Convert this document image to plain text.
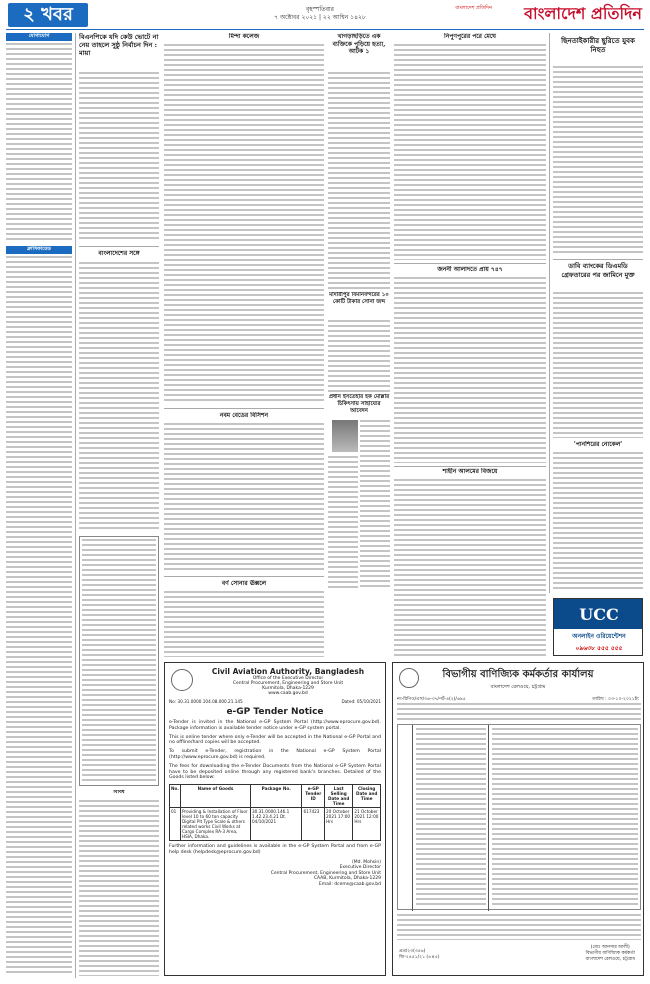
২ খবর	বৃহস্পতিবার
৭ অক্টোবর ২০২১ | ২২ আশ্বিন ১৪২৮
বাংলাদেশ প্রতিদিন বাংলাদেশ প্রতিদিন
যোগাযোগ
ক্লাসিফায়েড
বিএনপিকে যদি কেউ ভোটে না নেয় তাহলে সুষ্ঠু নির্বাচন দিন : মায়া
বাংলাদেশের সঙ্গে
বিবিধ
মিন্দা কলেজ
নবম বেডের বিসিশন
বর্ণ সোনার ঊক্সলে
খাগড়াছড়িতে এক ব্যক্তিকে পুড়িয়ে হত্যা, আটক ১
মাদারীপুর বিমানবন্দরের ১০ কোটি টাকার সোনা জব্দ
প্রধান ইসতেহার হক মোল্লার চিকিৎসায় সাহায্যের আবেদন
নিপুণপুরের পরে মেঘে
জননী আলাদতে প্রায় ৭৪৭
শাহীন আলমের বিজয়ে
ছিনতাইকারীর ছুরিতে যুবক নিহত
ডাবি ব্যাংকের ডিএমডি গ্রেফতারের পর জামিনে মুক্ত
'পানশিরের নোকেল'
UCC
অনলাইন ওরিয়েন্টেশন
০৯৬৩৮ ৫৫৫ ৫৫৫
Civil Aviation Authority, Bangladesh
Office of the Executive Director
Central Procurement, Engineering and Store Unit
Kurmitola, Dhaka-1229
www.caab.gov.bd
No: 30.31.0000.104.08.000.21.145	Dated: 05/10/2021
e-GP Tender Notice

e-Tender is invited in the National e-GP System Portal (http://www.eprocure.gov.bd). Package information is available tender notice under e-GP system portal.

This is online tender where only e-Tender will be accepted in the National e-GP Portal and no offline/hard copies will be accepted.

To submit e-Tender, registration in the National e-GP System Portal (http://www.eprocure.gov.bd) is required.

The fees for downloading the e-Tender Documents from the National e-GP System Portal have to be deposited online through any registered bank's branches. Detailed of the Goods listed below:

No.	Name of Goods	Package No.	e-GP Tender ID	Last Selling Date and Time	Closing Date and Time
01	Providing & Installation of Floor level 10 to 60 ton capacity Digital Pit Type Scale & others related works Civil Works at Cargo Complex RA-3 Area, HSIA, Dhaka.	30.31.0000.146.1 1.42.23.4.21 Dt. 04/10/2021	617423	20 October 2021 17:00 Hrs	21 October 2021 12:00 Hrs

Further information and guidelines is available in the e-GP System Portal and from e-GP help desk (helpdesk@eprocure.gov.bd)

(Md. Mohsin)
Executive Director
Central Procurement, Engineering and Store Unit
CAAB, Kurmitola, Dhaka-1229
Email: dcems@caab.gov.bd
বিভাগীয় বাণিজ্যিক কর্মকর্তার কার্যালয়
বাংলাদেশ রেলওয়ে, চট্টগ্রাম
নং-রিপিও/এস/৩৬-৩৭/পর্ট-৪(২)/৬৯৫	তারিখ : ০৩-১০-২০২১ইং
প্রপ্র/২৩(৩৫৬)
জি-২৪৫১/২১ (৪×৫)
(মোঃ আনসার আলী)
বিভাগীয় বাণিজ্যিক কর্মকর্তা
বাংলাদেশ রেলওয়ে, চট্টগ্রাম
